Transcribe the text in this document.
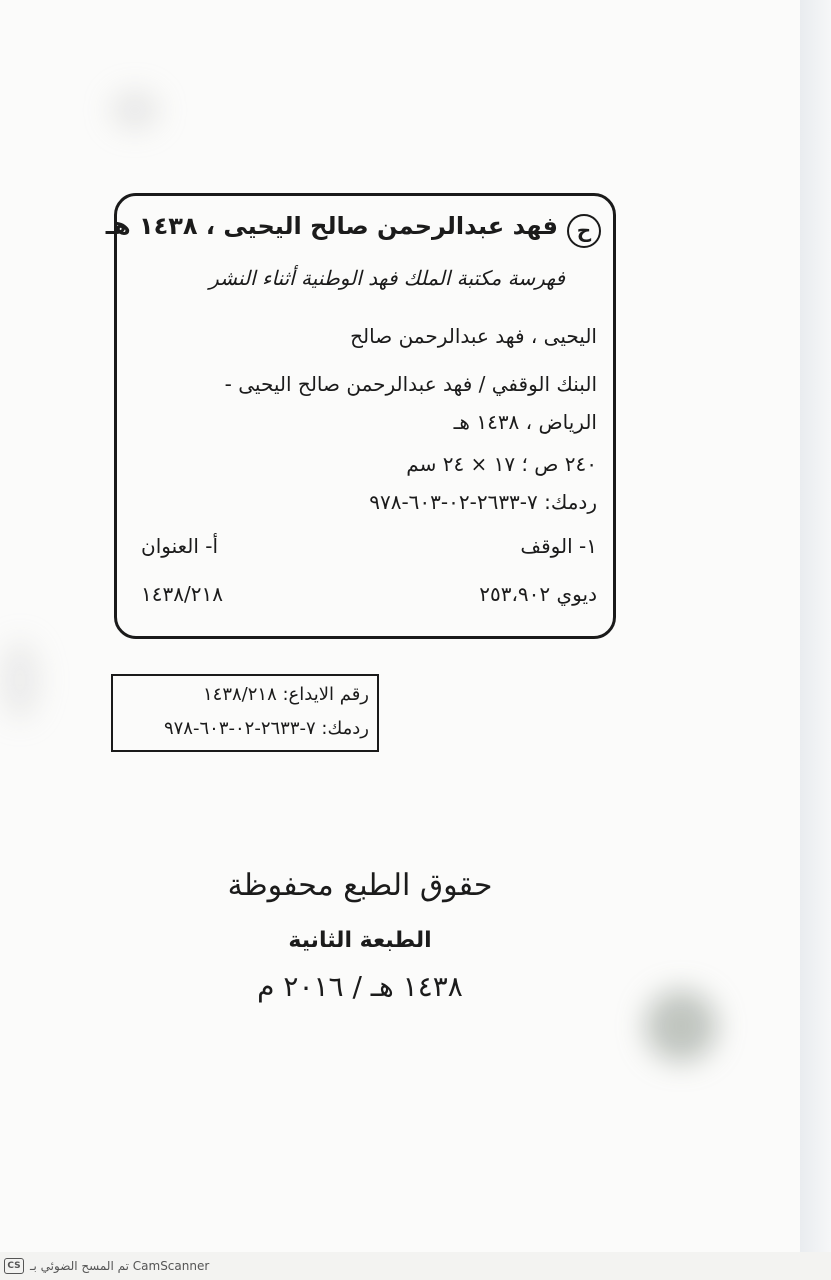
ح
فهد عبدالرحمن صالح اليحيى ، ١٤٣٨ هـ
فهرسة مكتبة الملك فهد الوطنية أثناء النشر
اليحيى ، فهد عبدالرحمن صالح
البنك الوقفي / فهد عبدالرحمن صالح اليحيى -
الرياض ، ١٤٣٨ هـ
٢٤٠ ص ؛ ١٧ × ٢٤ سم
ردمك: ٧-٢٦٣٣-٠٢-٦٠٣-٩٧٨
١- الوقف
أ- العنوان
ديوي ٢٥٣،٩٠٢
١٤٣٨/٢١٨
رقم الايداع: ١٤٣٨/٢١٨
ردمك: ٧-٢٦٣٣-٠٢-٦٠٣-٩٧٨
حقوق الطبع محفوظة
الطبعة الثانية
١٤٣٨ هـ / ٢٠١٦ م
CS تم المسح الضوئي بـ CamScanner
